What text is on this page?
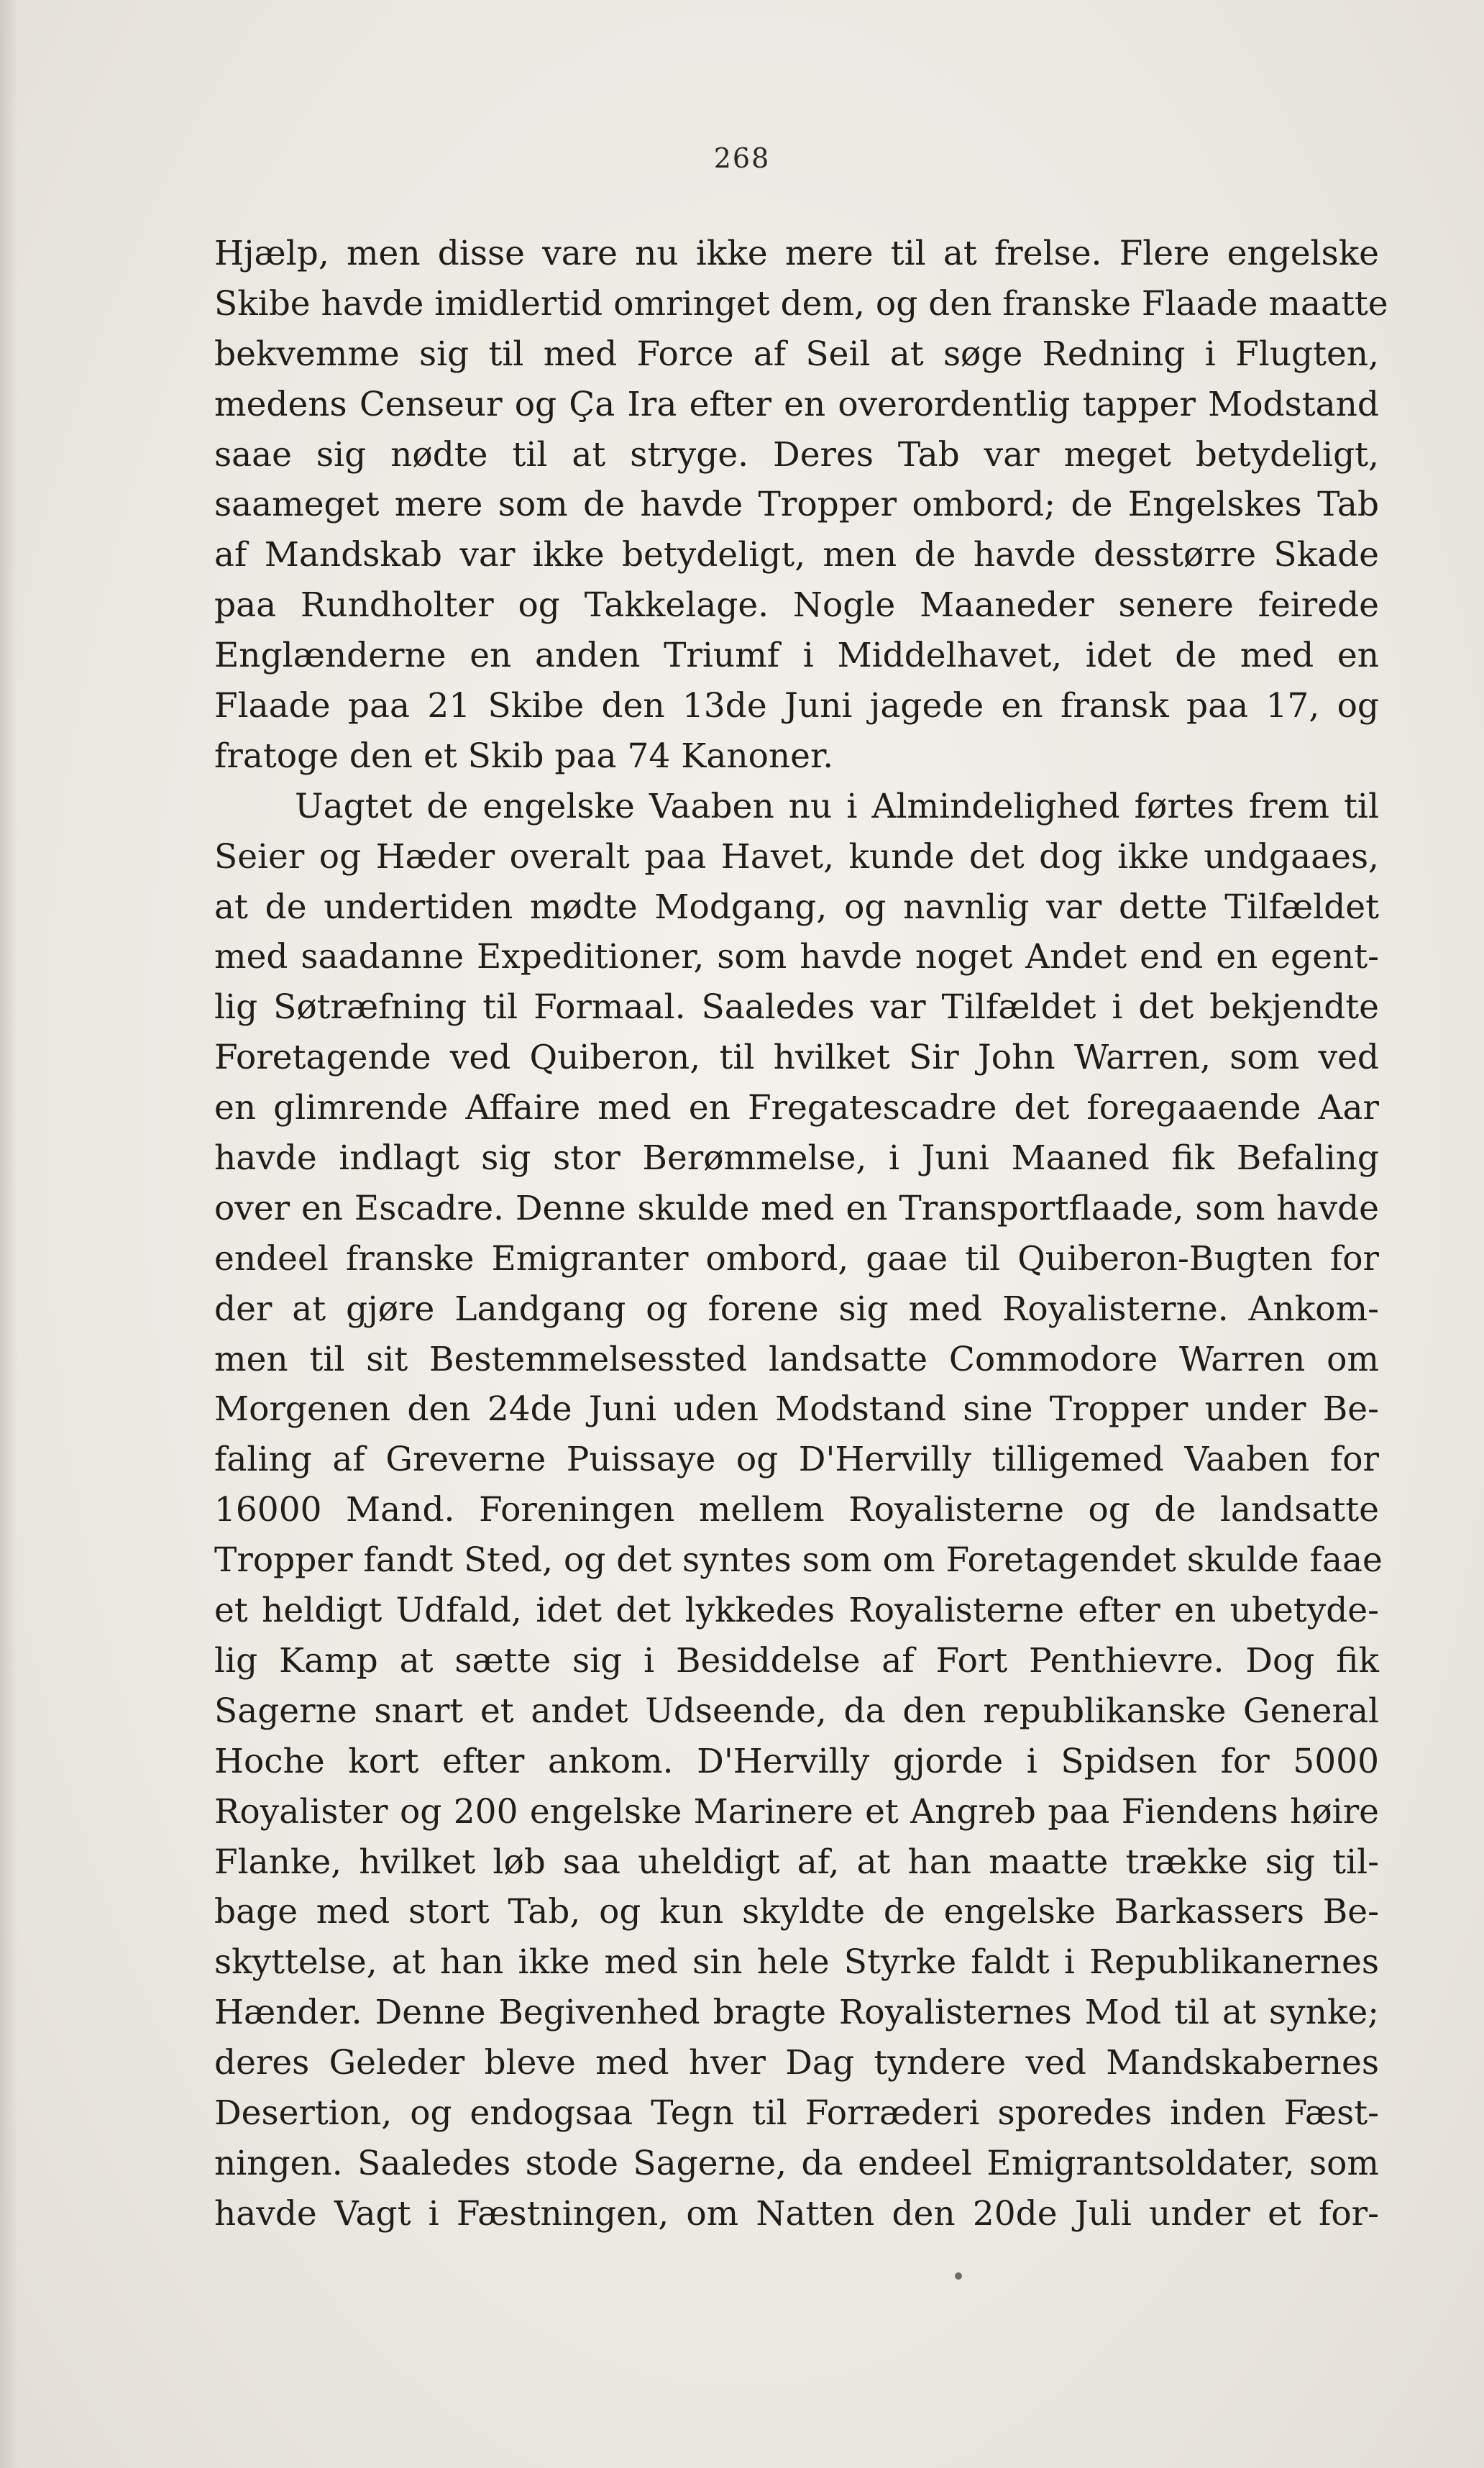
268
Hjælp, men disse vare nu ikke mere til at frelse. Flere engelske
Skibe havde imidlertid omringet dem, og den franske Flaade maatte
bekvemme sig til med Force af Seil at søge Redning i Flugten,
medens Censeur og Ça Ira efter en overordentlig tapper Modstand
saae sig nødte til at stryge. Deres Tab var meget betydeligt,
saameget mere som de havde Tropper ombord; de Engelskes Tab
af Mandskab var ikke betydeligt, men de havde desstørre Skade
paa Rundholter og Takkelage. Nogle Maaneder senere feirede
Englænderne en anden Triumf i Middelhavet, idet de med en
Flaade paa 21 Skibe den 13de Juni jagede en fransk paa 17, og
fratoge den et Skib paa 74 Kanoner.
Uagtet de engelske Vaaben nu i Almindelighed førtes frem til
Seier og Hæder overalt paa Havet, kunde det dog ikke undgaaes,
at de undertiden mødte Modgang, og navnlig var dette Tilfældet
med saadanne Expeditioner, som havde noget Andet end en egent-
lig Søtræfning til Formaal. Saaledes var Tilfældet i det bekjendte
Foretagende ved Quiberon, til hvilket Sir John Warren, som ved
en glimrende Affaire med en Fregatescadre det foregaaende Aar
havde indlagt sig stor Berømmelse, i Juni Maaned fik Befaling
over en Escadre. Denne skulde med en Transportflaade, som havde
endeel franske Emigranter ombord, gaae til Quiberon-Bugten for
der at gjøre Landgang og forene sig med Royalisterne. Ankom-
men til sit Bestemmelsessted landsatte Commodore Warren om
Morgenen den 24de Juni uden Modstand sine Tropper under Be-
faling af Greverne Puissaye og D'Hervilly tilligemed Vaaben for
16000 Mand. Foreningen mellem Royalisterne og de landsatte
Tropper fandt Sted, og det syntes som om Foretagendet skulde faae
et heldigt Udfald, idet det lykkedes Royalisterne efter en ubetyde-
lig Kamp at sætte sig i Besiddelse af Fort Penthievre. Dog fik
Sagerne snart et andet Udseende, da den republikanske General
Hoche kort efter ankom. D'Hervilly gjorde i Spidsen for 5000
Royalister og 200 engelske Marinere et Angreb paa Fiendens høire
Flanke, hvilket løb saa uheldigt af, at han maatte trække sig til-
bage med stort Tab, og kun skyldte de engelske Barkassers Be-
skyttelse, at han ikke med sin hele Styrke faldt i Republikanernes
Hænder. Denne Begivenhed bragte Royalisternes Mod til at synke;
deres Geleder bleve med hver Dag tyndere ved Mandskabernes
Desertion, og endogsaa Tegn til Forræderi sporedes inden Fæst-
ningen. Saaledes stode Sagerne, da endeel Emigrantsoldater, som
havde Vagt i Fæstningen, om Natten den 20de Juli under et for-
